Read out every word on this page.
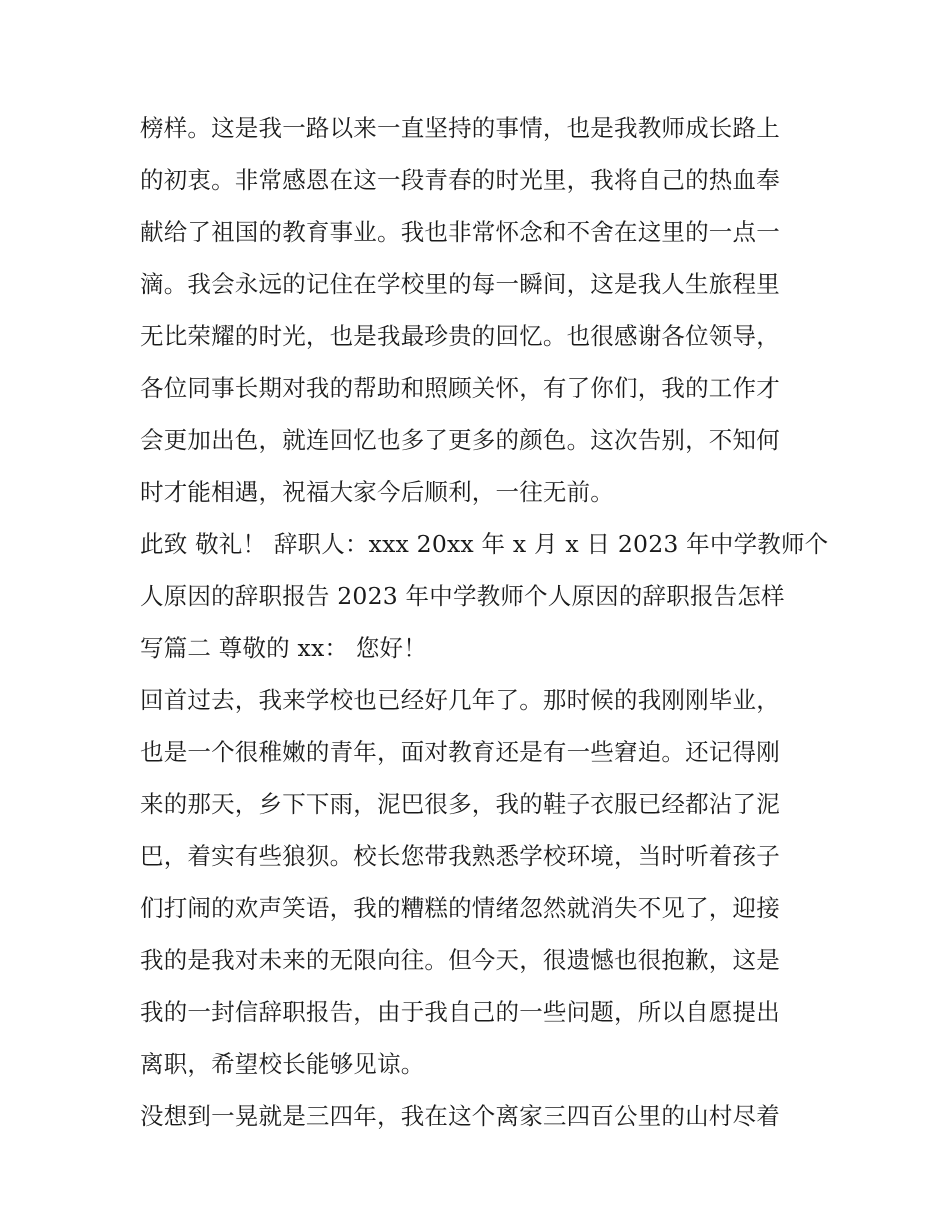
榜样。这是我一路以来一直坚持的事情，也是我教师成长路上
的初衷。非常感恩在这一段青春的时光里，我将自己的热血奉
献给了祖国的教育事业。我也非常怀念和不舍在这里的一点一
滴。我会永远的记住在学校里的每一瞬间，这是我人生旅程里
无比荣耀的时光，也是我最珍贵的回忆。也很感谢各位领导，
各位同事长期对我的帮助和照顾关怀，有了你们，我的工作才
会更加出色，就连回忆也多了更多的颜色。这次告别，不知何
时才能相遇，祝福大家今后顺利，一往无前。
此致 敬礼！ 辞职人：xxx 20xx 年 x 月 x 日 2023 年中学教师个
人原因的辞职报告 2023 年中学教师个人原因的辞职报告怎样
写篇二 尊敬的 xx： 您好！
回首过去，我来学校也已经好几年了。那时候的我刚刚毕业，
也是一个很稚嫩的青年，面对教育还是有一些窘迫。还记得刚
来的那天，乡下下雨，泥巴很多，我的鞋子衣服已经都沾了泥
巴，着实有些狼狈。校长您带我熟悉学校环境，当时听着孩子
们打闹的欢声笑语，我的糟糕的情绪忽然就消失不见了，迎接
我的是我对未来的无限向往。但今天，很遗憾也很抱歉，这是
我的一封信辞职报告，由于我自己的一些问题，所以自愿提出
离职，希望校长能够见谅。
没想到一晃就是三四年，我在这个离家三四百公里的山村尽着
